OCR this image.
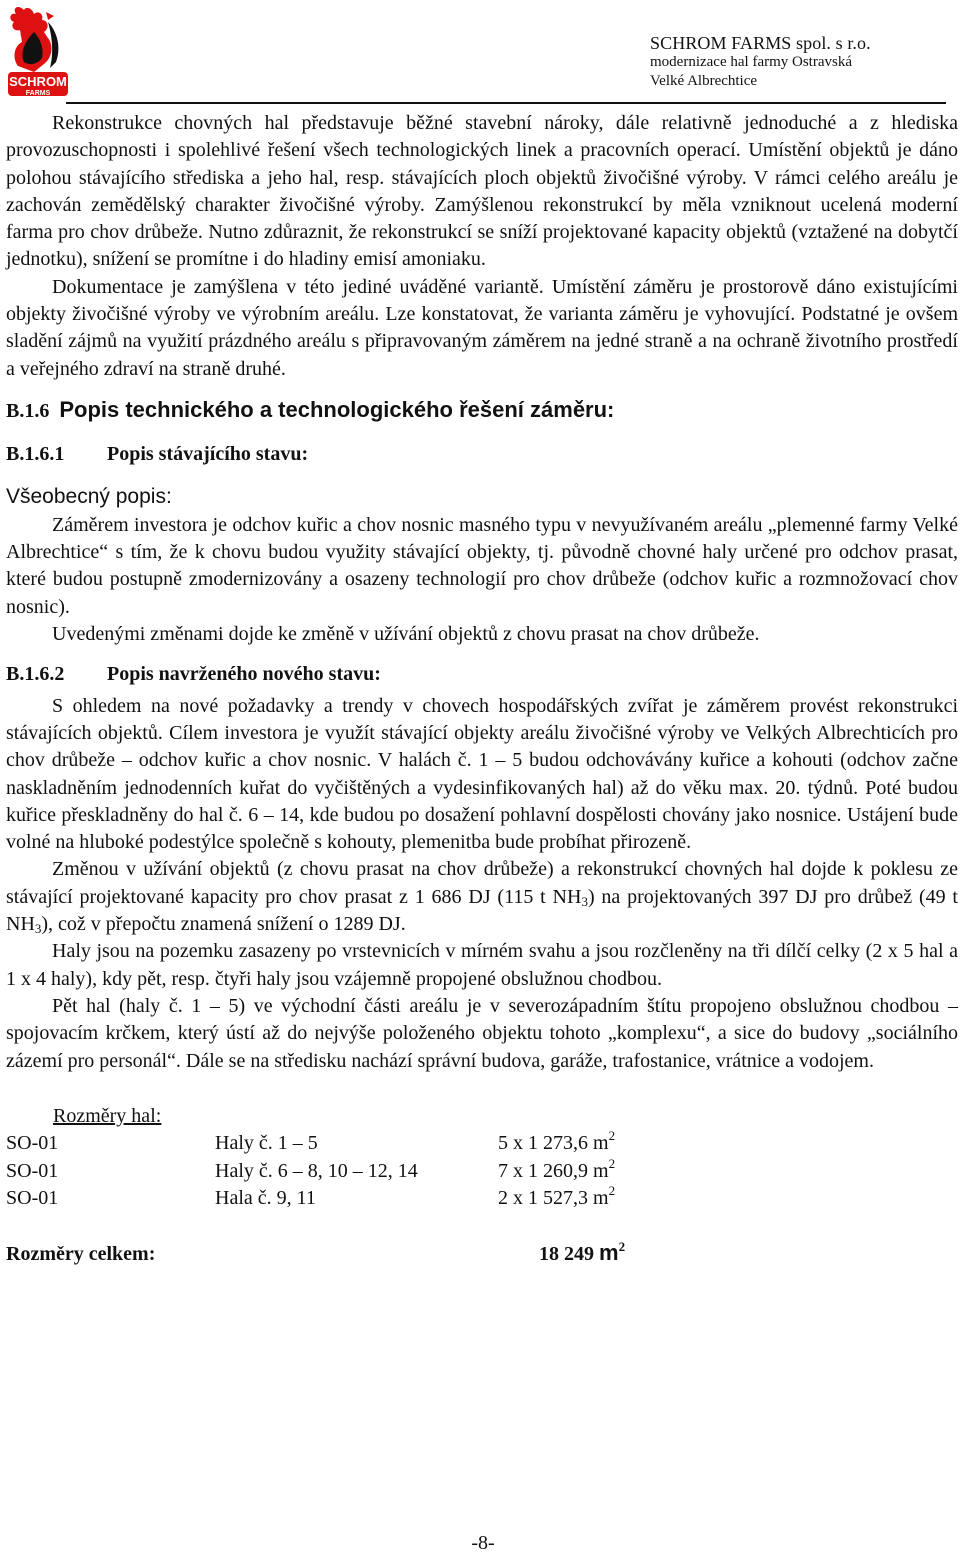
SCHROM
FARMS
SCHROM FARMS spol. s r.o.
modernizace hal farmy Ostravská
Velké Albrechtice

Rekonstrukce chovných hal představuje běžné stavební nároky, dále relativně jednoduché a z hlediska provozuschopnosti i spolehlivé řešení všech technologických linek a pracovních operací. Umístění objektů je dáno polohou stávajícího střediska a jeho hal, resp. stávajících ploch objektů živočišné výroby. V rámci celého areálu je zachován zemědělský charakter živočišné výroby. Zamýšlenou rekonstrukcí by měla vzniknout ucelená moderní farma pro chov drůbeže. Nutno zdůraznit, že rekonstrukcí se sníží projektované kapacity objektů (vztažené na dobytčí jednotku), snížení se promítne i do hladiny emisí amoniaku.

Dokumentace je zamýšlena v této jediné uváděné variantě. Umístění záměru je prostorově dáno existujícími objekty živočišné výroby ve výrobním areálu. Lze konstatovat, že varianta záměru je vyhovující. Podstatné je ovšem sladění zájmů na využití prázdného areálu s připravovaným záměrem na jedné straně a na ochraně životního prostředí a veřejného zdraví na straně druhé.

B.1.6 Popis technického a technologického řešení záměru:
B.1.6.1 Popis stávajícího stavu:
Všeobecný popis:

Záměrem investora je odchov kuřic a chov nosnic masného typu v nevyužívaném areálu „plemenné farmy Velké Albrechtice“ s tím, že k chovu budou využity stávající objekty, tj. původně chovné haly určené pro odchov prasat, které budou postupně zmodernizovány a osazeny technologií pro chov drůbeže (odchov kuřic a rozmnožovací chov nosnic).

Uvedenými změnami dojde ke změně v užívání objektů z chovu prasat na chov drůbeže.

B.1.6.2 Popis navrženého nového stavu:

S ohledem na nové požadavky a trendy v chovech hospodářských zvířat je záměrem provést rekonstrukci stávajících objektů. Cílem investora je využít stávající objekty areálu živočišné výroby ve Velkých Albrechticích pro chov drůbeže – odchov kuřic a chov nosnic. V halách č. 1 – 5 budou odchovávány kuřice a kohouti (odchov začne naskladněním jednodenních kuřat do vyčištěných a vydesinfikovaných hal) až do věku max. 20. týdnů. Poté budou kuřice přeskladněny do hal č. 6 – 14, kde budou po dosažení pohlavní dospělosti chovány jako nosnice. Ustájení bude volné na hluboké podestýlce společně s kohouty, plemenitba bude probíhat přirozeně.

Změnou v užívání objektů (z chovu prasat na chov drůbeže) a rekonstrukcí chovných hal dojde k poklesu ze stávající projektované kapacity pro chov prasat z 1 686 DJ (115 t $NH_3$) na projektovaných 397 DJ pro drůbež (49 t $NH_3$), což v přepočtu znamená snížení o 1289 DJ.

Haly jsou na pozemku zasazeny po vrstevnicích v mírném svahu a jsou rozčleněny na tři dílčí celky (2 x 5 hal a 1 x 4 haly), kdy pět, resp. čtyři haly jsou vzájemně propojené obslužnou chodbou.

Pět hal (haly č. 1 – 5) ve východní části areálu je v severozápadním štítu propojeno obslužnou chodbou – spojovacím krčkem, který ústí až do nejvýše položeného objektu tohoto „komplexu“, a sice do budovy „sociálního zázemí pro personál“. Dále se na středisku nachází správní budova, garáže, trafostanice, vrátnice a vodojem.

Rozměry hal:
SO-01	Haly č. 1 – 5	5 x 1 273,6 $m^2$
SO-01	Haly č. 6 – 8, 10 – 12, 14	7 x 1 260,9 $m^2$
SO-01	Hala č. 9, 11	2 x 1 527,3 $m^2$
Rozměry celkem:	18 249 $m^2$
-8-
